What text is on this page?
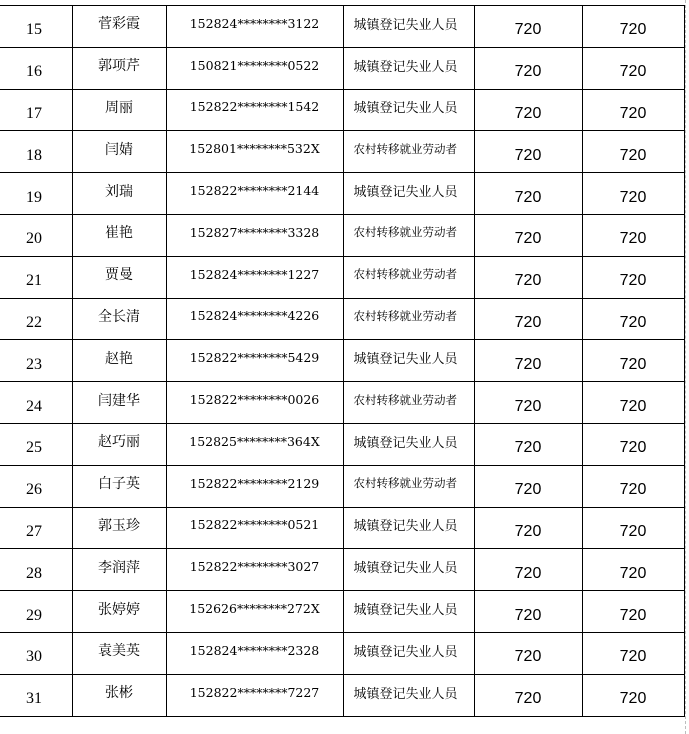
15	菅彩霞	152824********3122	城镇登记失业人员	720	720
16	郭项芹	150821********0522	城镇登记失业人员	720	720
17	周丽	152822********1542	城镇登记失业人员	720	720
18	闫婧	152801********532X	农村转移就业劳动者	720	720
19	刘瑞	152822********2144	城镇登记失业人员	720	720
20	崔艳	152827********3328	农村转移就业劳动者	720	720
21	贾曼	152824********1227	农村转移就业劳动者	720	720
22	全长清	152824********4226	农村转移就业劳动者	720	720
23	赵艳	152822********5429	城镇登记失业人员	720	720
24	闫建华	152822********0026	农村转移就业劳动者	720	720
25	赵巧丽	152825********364X	城镇登记失业人员	720	720
26	白子英	152822********2129	农村转移就业劳动者	720	720
27	郭玉珍	152822********0521	城镇登记失业人员	720	720
28	李润萍	152822********3027	城镇登记失业人员	720	720
29	张婷婷	152626********272X	城镇登记失业人员	720	720
30	袁美英	152824********2328	城镇登记失业人员	720	720
31	张彬	152822********7227	城镇登记失业人员	720	720
